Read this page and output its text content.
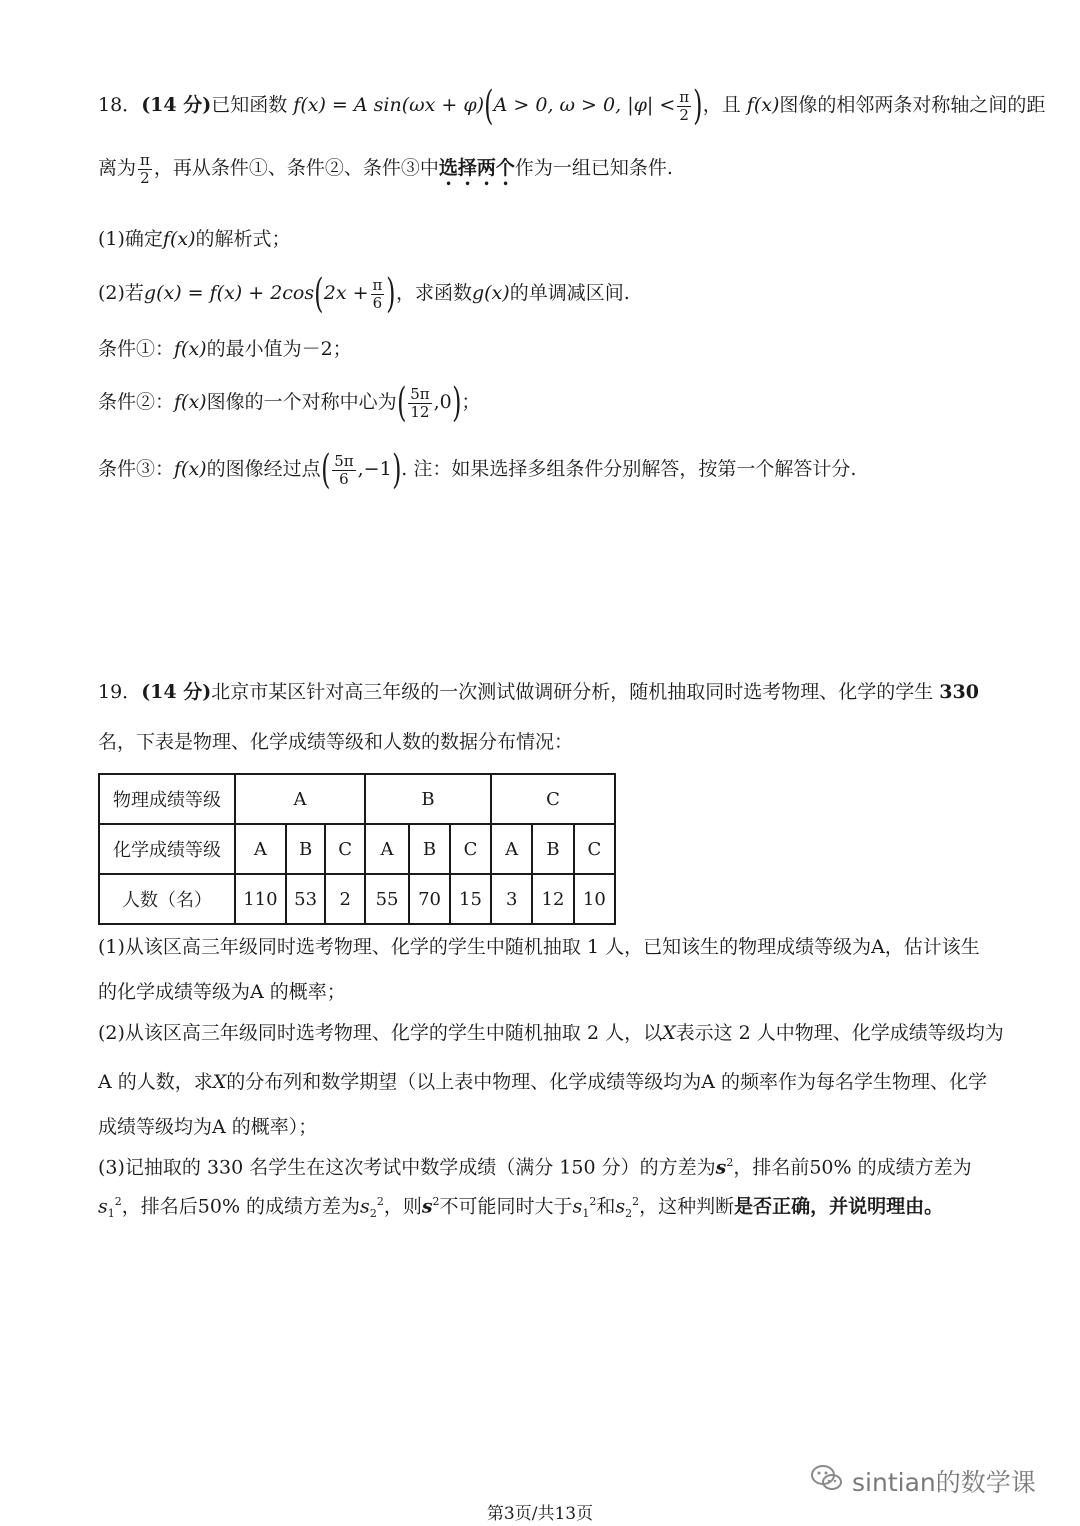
18．(14 分)已知函数 f(x) = A sin(ωx + φ)(A > 0, ω > 0, $|\varphi| < \frac{\pi}{2}$ )，且 f(x)图像的相邻两条对称轴之间的距
离为 $\frac{\pi}{2}$ ，再从条件①、条件②、条件③中选择两个作为一组已知条件.
(1)确定f(x)的解析式；
(2)若$g(x) = f(x) + 2\cos(2x + \frac{\pi}{6}$ )，求函数g(x)的单调减区间.
条件①：f(x)的最小值为－2；
条件②：f(x)图像的一个对称中心为( $\frac{5\pi}{12} ,0$)；
条件③：f(x)的图像经过点( $\frac{5\pi}{6} ,-1$). 注：如果选择多组条件分别解答，按第一个解答计分.
19．(14 分)北京市某区针对高三年级的一次测试做调研分析，随机抽取同时选考物理、化学的学生 330
名，下表是物理、化学成绩等级和人数的数据分布情况：
物理成绩等级	A			B			C		
化学成绩等级	A	B	C	A	B	C	A	B	C
人数（名）	110	53	2	55	70	15	3	12	10
(1)从该区高三年级同时选考物理、化学的学生中随机抽取 1 人，已知该生的物理成绩等级为A，估计该生
的化学成绩等级为A 的概率；
(2)从该区高三年级同时选考物理、化学的学生中随机抽取 2 人，以X表示这 2 人中物理、化学成绩等级均为
A 的人数，求X的分布列和数学期望（以上表中物理、化学成绩等级均为A 的频率作为每名学生物理、化学
成绩等级均为A 的概率）；
(3)记抽取的 330 名学生在这次考试中数学成绩（满分 150 分）的方差为$s^2$，排名前50% 的成绩方差为
$s_1^2$，排名后50% 的成绩方差为$s_2^2$，则$s^2$不可能同时大于$s_1^2$和$s_2^2$，这种判断是否正确，并说明理由。
sintian的数学课
第3页/共13页
